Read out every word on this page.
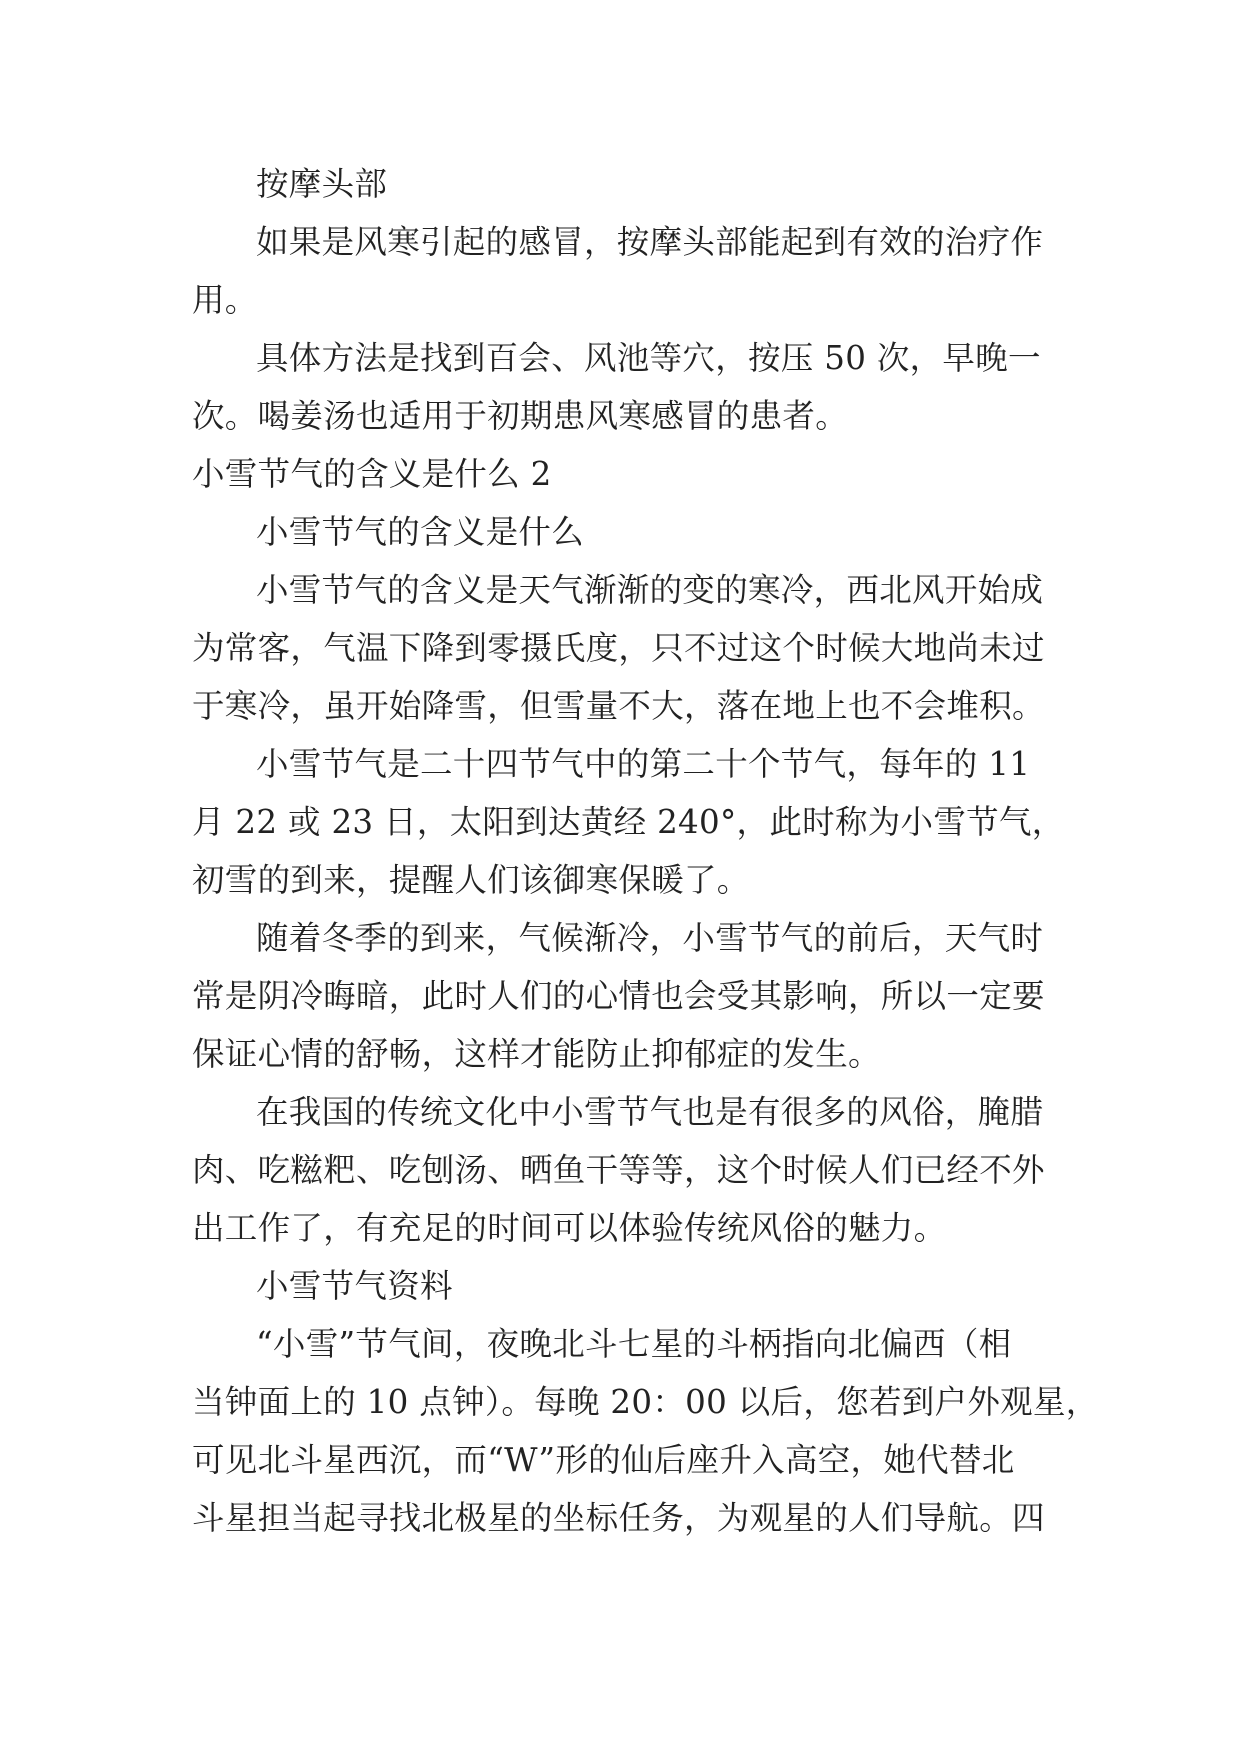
按摩头部
如果是风寒引起的感冒，按摩头部能起到有效的治疗作
用。
具体方法是找到百会、风池等穴，按压 50 次，早晚一
次。喝姜汤也适用于初期患风寒感冒的患者。
小雪节气的含义是什么 2
小雪节气的含义是什么
小雪节气的含义是天气渐渐的变的寒冷，西北风开始成
为常客，气温下降到零摄氏度，只不过这个时候大地尚未过
于寒冷，虽开始降雪，但雪量不大，落在地上也不会堆积。
小雪节气是二十四节气中的第二十个节气，每年的 11
月 22 或 23 日，太阳到达黄经 240°，此时称为小雪节气，
初雪的到来，提醒人们该御寒保暖了。
随着冬季的到来，气候渐冷，小雪节气的前后，天气时
常是阴冷晦暗，此时人们的心情也会受其影响，所以一定要
保证心情的舒畅，这样才能防止抑郁症的发生。
在我国的传统文化中小雪节气也是有很多的风俗，腌腊
肉、吃糍粑、吃刨汤、晒鱼干等等，这个时候人们已经不外
出工作了，有充足的时间可以体验传统风俗的魅力。
小雪节气资料
“小雪”节气间，夜晚北斗七星的斗柄指向北偏西（相
当钟面上的 10 点钟）。每晚 20：00 以后，您若到户外观星，
可见北斗星西沉，而“W”形的仙后座升入高空，她代替北
斗星担当起寻找北极星的坐标任务，为观星的人们导航。四
